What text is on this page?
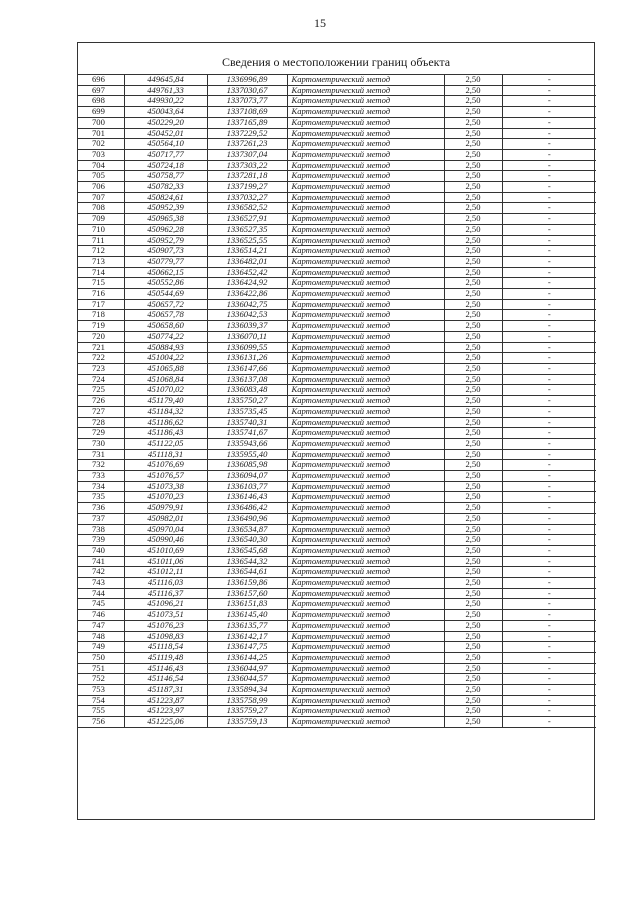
15
Сведения о местоположении границ объекта
696	449645,84	1336996,89	Картометрический метод	2,50	-
697	449761,33	1337030,67	Картометрический метод	2,50	-
698	449930,22	1337073,77	Картометрический метод	2,50	-
699	450043,64	1337108,69	Картометрический метод	2,50	-
700	450229,20	1337165,89	Картометрический метод	2,50	-
701	450452,01	1337229,52	Картометрический метод	2,50	-
702	450564,10	1337261,23	Картометрический метод	2,50	-
703	450717,77	1337307,04	Картометрический метод	2,50	-
704	450724,18	1337303,22	Картометрический метод	2,50	-
705	450758,77	1337281,18	Картометрический метод	2,50	-
706	450782,33	1337199,27	Картометрический метод	2,50	-
707	450824,61	1337032,27	Картометрический метод	2,50	-
708	450952,39	1336582,52	Картометрический метод	2,50	-
709	450965,38	1336527,91	Картометрический метод	2,50	-
710	450962,28	1336527,35	Картометрический метод	2,50	-
711	450952,79	1336525,55	Картометрический метод	2,50	-
712	450907,73	1336514,21	Картометрический метод	2,50	-
713	450779,77	1336482,01	Картометрический метод	2,50	-
714	450662,15	1336452,42	Картометрический метод	2,50	-
715	450552,86	1336424,92	Картометрический метод	2,50	-
716	450544,69	1336422,86	Картометрический метод	2,50	-
717	450657,72	1336042,75	Картометрический метод	2,50	-
718	450657,78	1336042,53	Картометрический метод	2,50	-
719	450658,60	1336039,37	Картометрический метод	2,50	-
720	450774,22	1336070,11	Картометрический метод	2,50	-
721	450884,93	1336099,55	Картометрический метод	2,50	-
722	451004,22	1336131,26	Картометрический метод	2,50	-
723	451065,88	1336147,66	Картометрический метод	2,50	-
724	451068,84	1336137,08	Картометрический метод	2,50	-
725	451070,02	1336083,48	Картометрический метод	2,50	-
726	451179,40	1335750,27	Картометрический метод	2,50	-
727	451184,32	1335735,45	Картометрический метод	2,50	-
728	451186,62	1335740,31	Картометрический метод	2,50	-
729	451186,43	1335741,67	Картометрический метод	2,50	-
730	451122,05	1335943,66	Картометрический метод	2,50	-
731	451118,31	1335955,40	Картометрический метод	2,50	-
732	451076,69	1336085,98	Картометрический метод	2,50	-
733	451076,57	1336094,07	Картометрический метод	2,50	-
734	451073,38	1336103,77	Картометрический метод	2,50	-
735	451070,23	1336146,43	Картометрический метод	2,50	-
736	450979,91	1336486,42	Картометрический метод	2,50	-
737	450982,01	1336490,96	Картометрический метод	2,50	-
738	450970,04	1336534,87	Картометрический метод	2,50	-
739	450990,46	1336540,30	Картометрический метод	2,50	-
740	451010,69	1336545,68	Картометрический метод	2,50	-
741	451011,06	1336544,32	Картометрический метод	2,50	-
742	451012,11	1336544,61	Картометрический метод	2,50	-
743	451116,03	1336159,86	Картометрический метод	2,50	-
744	451116,37	1336157,60	Картометрический метод	2,50	-
745	451096,21	1336151,83	Картометрический метод	2,50	-
746	451073,51	1336145,40	Картометрический метод	2,50	-
747	451076,23	1336135,77	Картометрический метод	2,50	-
748	451098,83	1336142,17	Картометрический метод	2,50	-
749	451118,54	1336147,75	Картометрический метод	2,50	-
750	451119,48	1336144,25	Картометрический метод	2,50	-
751	451146,43	1336044,97	Картометрический метод	2,50	-
752	451146,54	1336044,57	Картометрический метод	2,50	-
753	451187,31	1335894,34	Картометрический метод	2,50	-
754	451223,87	1335758,99	Картометрический метод	2,50	-
755	451223,97	1335759,27	Картометрический метод	2,50	-
756	451225,06	1335759,13	Картометрический метод	2,50	-
